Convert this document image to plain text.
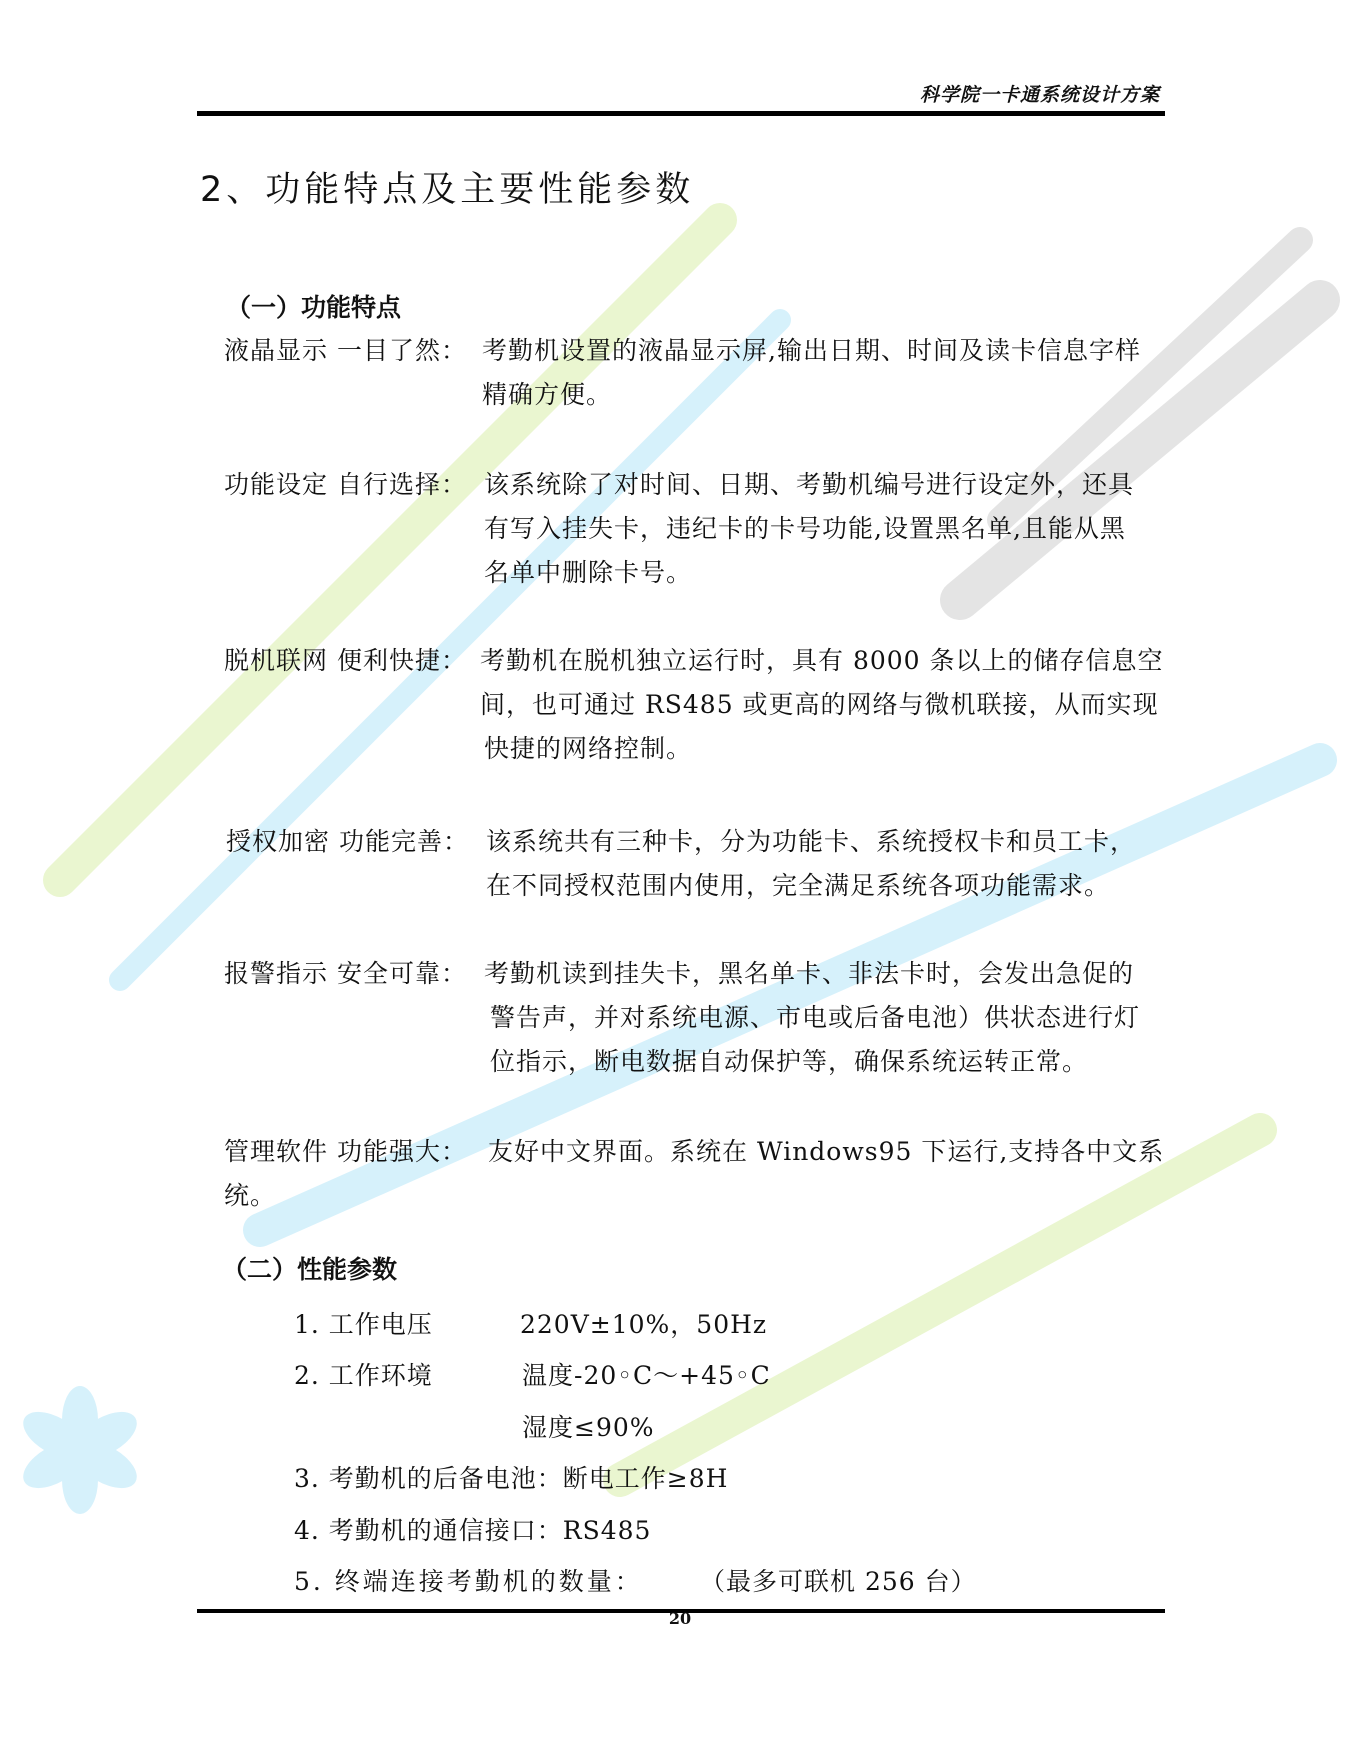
科学院一卡通系统设计方案
2、功能特点及主要性能参数
（一）功能特点
液晶显示 一目了然： 考勤机设置的液晶显示屏,输出日期、时间及读卡信息字样
精确方便。
功能设定 自行选择： 该系统除了对时间、日期、考勤机编号进行设定外，还具
有写入挂失卡，违纪卡的卡号功能,设置黑名单,且能从黑
名单中删除卡号。
脱机联网 便利快捷： 考勤机在脱机独立运行时，具有 8000 条以上的储存信息空
间，也可通过 RS485 或更高的网络与微机联接，从而实现
快捷的网络控制。
授权加密 功能完善： 该系统共有三种卡，分为功能卡、系统授权卡和员工卡，
在不同授权范围内使用，完全满足系统各项功能需求。
报警指示 安全可靠： 考勤机读到挂失卡，黑名单卡、非法卡时，会发出急促的
警告声，并对系统电源、市电或后备电池）供状态进行灯
位指示，断电数据自动保护等，确保系统运转正常。
管理软件 功能强大： 友好中文界面。系统在 Windows95 下运行,支持各中文系
统。
（二）性能参数
1. 工作电压	220V±10%，50Hz
2. 工作环境	温度-20◦C～+45◦C
湿度≤90%
3. 考勤机的后备电池：断电工作≥8H
4. 考勤机的通信接口：RS485
5. 终端连接考勤机的数量： （最多可联机 256 台）
20
